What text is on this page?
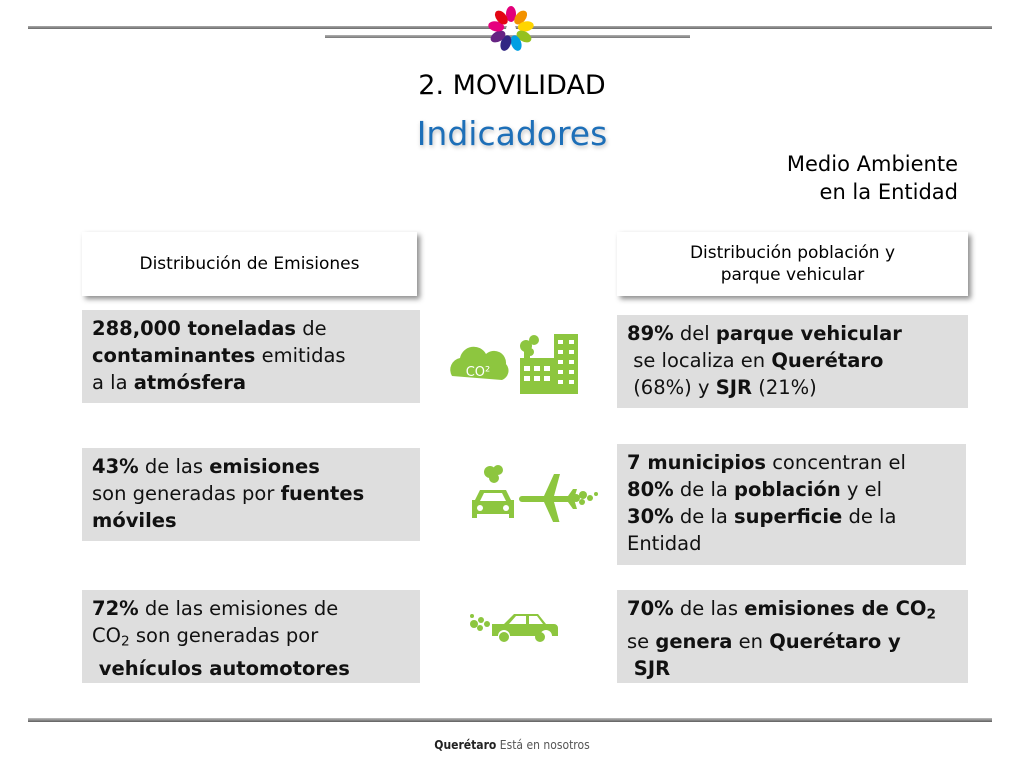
2. MOVILIDAD
Indicadores
Medio Ambiente
en la Entidad
Distribución de Emisiones
Distribución población y
parque vehicular
288,000 toneladas de
contaminantes emitidas
a la atmósfera
43% de las emisiones
son generadas por fuentes
móviles
72% de las emisiones de
$CO_2$ son generadas por
vehículos automotores
89% del parque vehicular
se localiza en Querétaro
(68%) y SJR (21%)
7 municipios concentran el
80% de la población y el
30% de la superficie de la
Entidad
70% de las emisiones de $CO_2$
se genera en Querétaro y
SJR
CO²
Querétaro Está en nosotros
